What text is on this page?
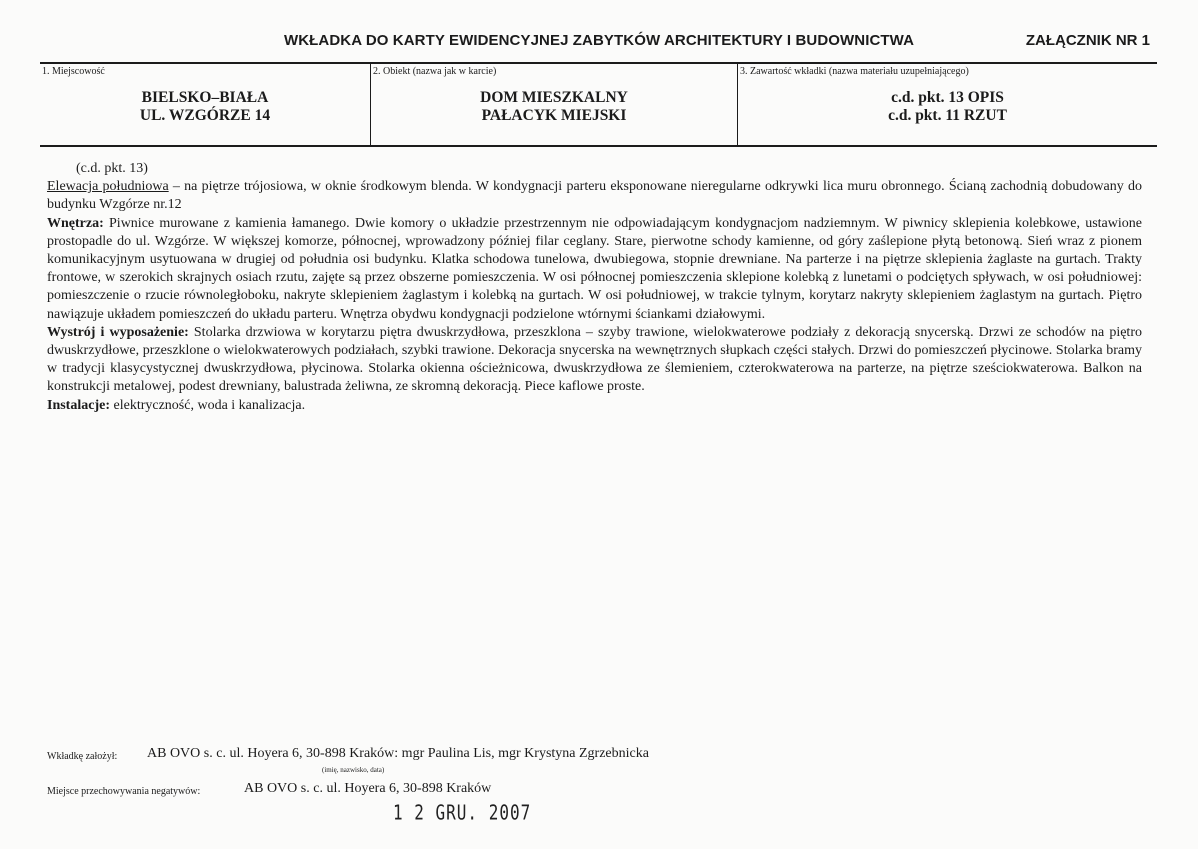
WKŁADKA DO KARTY EWIDENCYJNEJ ZABYTKÓW ARCHITEKTURY I BUDOWNICTWA	ZAŁĄCZNIK NR 1
1. Miejscowość
BIELSKO–BIAŁA
UL. WZGÓRZE 14
2. Obiekt (nazwa jak w karcie)
DOM MIESZKALNY
PAŁACYK MIEJSKI
3. Zawartość wkładki (nazwa materiału uzupełniającego)
c.d. pkt. 13 OPIS
c.d. pkt. 11 RZUT

(c.d. pkt. 13)

Elewacja południowa – na piętrze trójosiowa, w oknie środkowym blenda. W kondygnacji parteru eksponowane nieregularne odkrywki lica muru obronnego. Ścianą zachodnią dobudowany do budynku Wzgórze nr.12

Wnętrza: Piwnice murowane z kamienia łamanego. Dwie komory o układzie przestrzennym nie odpowiadającym kondygnacjom nadziemnym. W piwnicy sklepienia kolebkowe, ustawione prostopadle do ul. Wzgórze. W większej komorze, północnej, wprowadzony później filar ceglany. Stare, pierwotne schody kamienne, od góry zaślepione płytą betonową. Sień wraz z pionem komunikacyjnym usytuowana w drugiej od południa osi budynku. Klatka schodowa tunelowa, dwubiegowa, stopnie drewniane. Na parterze i na piętrze sklepienia żaglaste na gurtach. Trakty frontowe, w szerokich skrajnych osiach rzutu, zajęte są przez obszerne pomieszczenia. W osi północnej pomieszczenia sklepione kolebką z lunetami o podciętych spływach, w osi południowej: pomieszczenie o rzucie równoległoboku, nakryte sklepieniem żaglastym i kolebką na gurtach. W osi południowej, w trakcie tylnym, korytarz nakryty sklepieniem żaglastym na gurtach. Piętro nawiązuje układem pomieszczeń do układu parteru. Wnętrza obydwu kondygnacji podzielone wtórnymi ściankami działowymi.

Wystrój i wyposażenie: Stolarka drzwiowa w korytarzu piętra dwuskrzydłowa, przeszklona – szyby trawione, wielokwaterowe podziały z dekoracją snycerską. Drzwi ze schodów na piętro dwuskrzydłowe, przeszklone o wielokwaterowych podziałach, szybki trawione. Dekoracja snycerska na wewnętrznych słupkach części stałych. Drzwi do pomieszczeń płycinowe. Stolarka bramy w tradycji klasycystycznej dwuskrzydłowa, płycinowa. Stolarka okienna ościeżnicowa, dwuskrzydłowa ze ślemieniem, czterokwaterowa na parterze, na piętrze sześciokwaterowa. Balkon na konstrukcji metalowej, podest drewniany, balustrada żeliwna, ze skromną dekoracją. Piece kaflowe proste.

Instalacje: elektryczność, woda i kanalizacja.

Wkładkę założył: AB OVO s. c. ul. Hoyera 6, 30-898 Kraków: mgr Paulina Lis, mgr Krystyna Zgrzebnicka
(imię, nazwisko, data)
Miejsce przechowywania negatywów:	AB OVO s. c. ul. Hoyera 6, 30-898 Kraków
1 2 GRU. 2007
